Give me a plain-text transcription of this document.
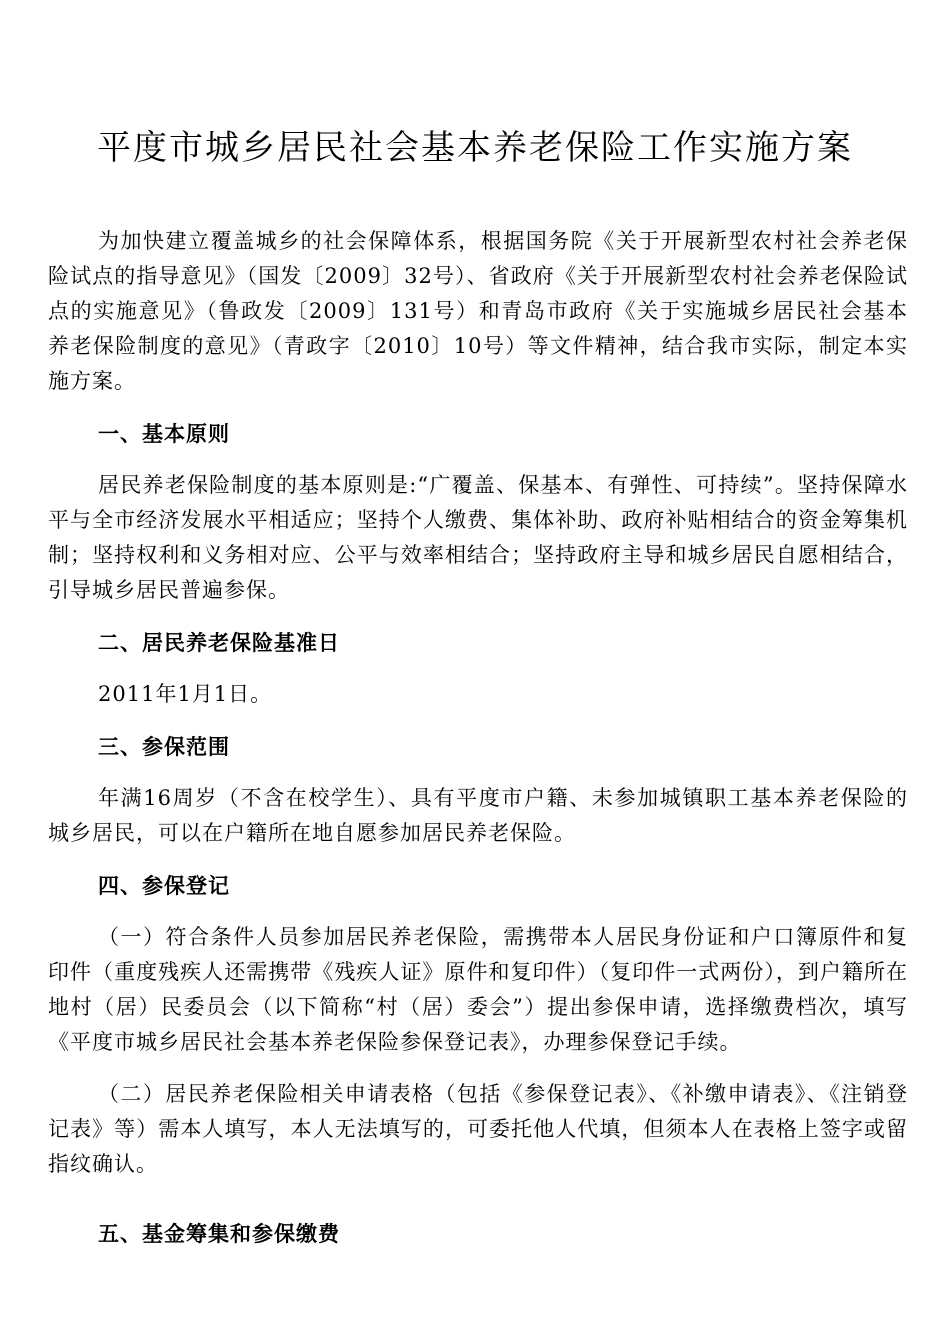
平度市城乡居民社会基本养老保险工作实施方案

为加快建立覆盖城乡的社会保障体系，根据国务院《关于开展新型农村社会养老保险试点的指导意见》（国发〔2009〕32号）、省政府《关于开展新型农村社会养老保险试点的实施意见》（鲁政发〔2009〕131号）和青岛市政府《关于实施城乡居民社会基本养老保险制度的意见》（青政字〔2010〕10号）等文件精神，结合我市实际，制定本实施方案。

一、基本原则

居民养老保险制度的基本原则是:“广覆盖、保基本、有弹性、可持续”。坚持保障水平与全市经济发展水平相适应；坚持个人缴费、集体补助、政府补贴相结合的资金筹集机制；坚持权利和义务相对应、公平与效率相结合；坚持政府主导和城乡居民自愿相结合，引导城乡居民普遍参保。

二、居民养老保险基准日

2011年1月1日。

三、参保范围

年满16周岁（不含在校学生）、具有平度市户籍、未参加城镇职工基本养老保险的城乡居民，可以在户籍所在地自愿参加居民养老保险。

四、参保登记

（一）符合条件人员参加居民养老保险，需携带本人居民身份证和户口簿原件和复印件（重度残疾人还需携带《残疾人证》原件和复印件）（复印件一式两份），到户籍所在地村（居）民委员会（以下简称“村（居）委会”）提出参保申请，选择缴费档次，填写《平度市城乡居民社会基本养老保险参保登记表》，办理参保登记手续。

（二）居民养老保险相关申请表格（包括《参保登记表》、《补缴申请表》、《注销登记表》等）需本人填写，本人无法填写的，可委托他人代填，但须本人在表格上签字或留指纹确认。

五、基金筹集和参保缴费
